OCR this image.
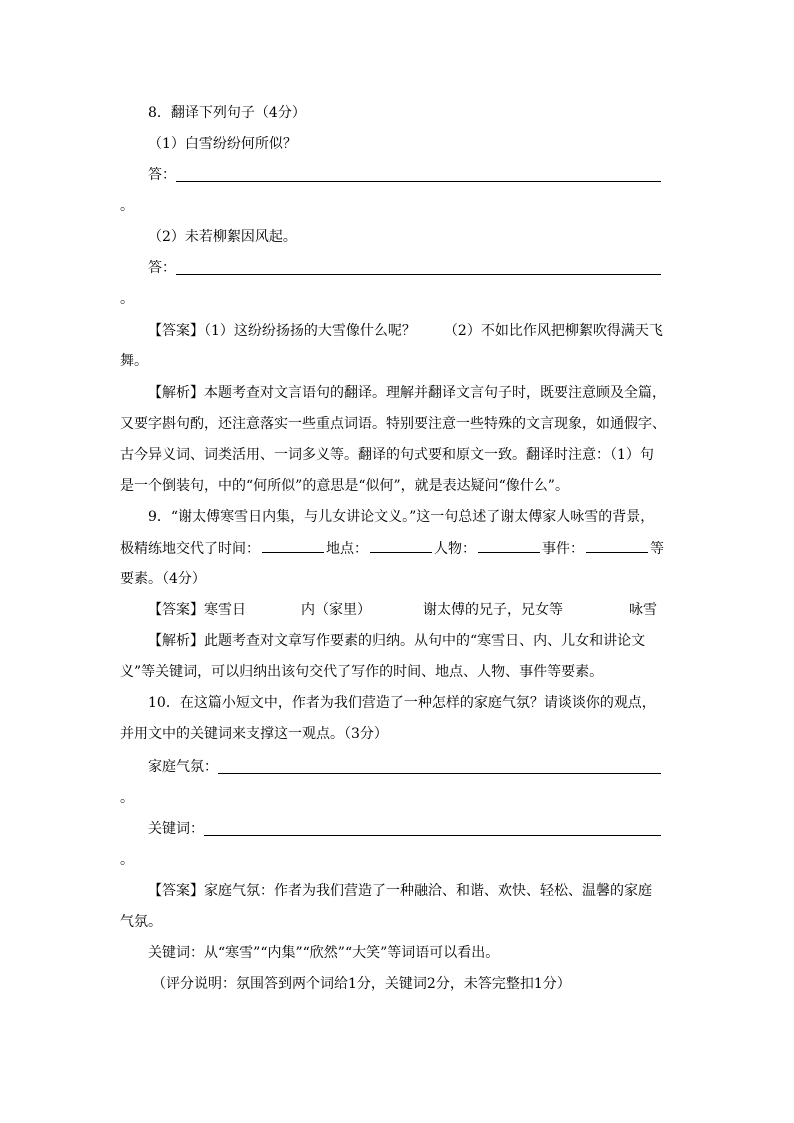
8．翻译下列句子（4分）
（1）白雪纷纷何所似？
答：
。
（2）未若柳絮因风起。
答：
。
【答案】（1）这纷纷扬扬的大雪像什么呢？ （2）不如比作风把柳絮吹得满天飞
舞。
【解析】本题考查对文言语句的翻译。理解并翻译文言句子时，既要注意顾及全篇，
又要字斟句酌，还注意落实一些重点词语。特别要注意一些特殊的文言现象，如通假字、
古今异义词、词类活用、一词多义等。翻译的句式要和原文一致。翻译时注意：（1）句
是一个倒装句，中的“何所似”的意思是“似何”，就是表达疑问“像什么”。
9．“谢太傅寒雪日内集，与儿女讲论文义。”这一句总述了谢太傅家人咏雪的背景，
极精练地交代了时间：	地点：	人物：	事件：	等
要素。（4分）
【答案】寒雪日	内（家里）	谢太傅的兄子，兄女等	咏雪
【解析】此题考查对文章写作要素的归纳。从句中的“寒雪日、内、儿女和讲论文
义”等关键词，可以归纳出该句交代了写作的时间、地点、人物、事件等要素。
10．在这篇小短文中，作者为我们营造了一种怎样的家庭气氛？请谈谈你的观点，
并用文中的关键词来支撑这一观点。（3分）
家庭气氛：
。
关键词：
。
【答案】家庭气氛：作者为我们营造了一种融洽、和谐、欢快、轻松、温馨的家庭
气氛。
关键词：从“寒雪”“内集”“欣然”“大笑”等词语可以看出。
（评分说明：氛围答到两个词给1分，关键词2分，未答完整扣1分）
